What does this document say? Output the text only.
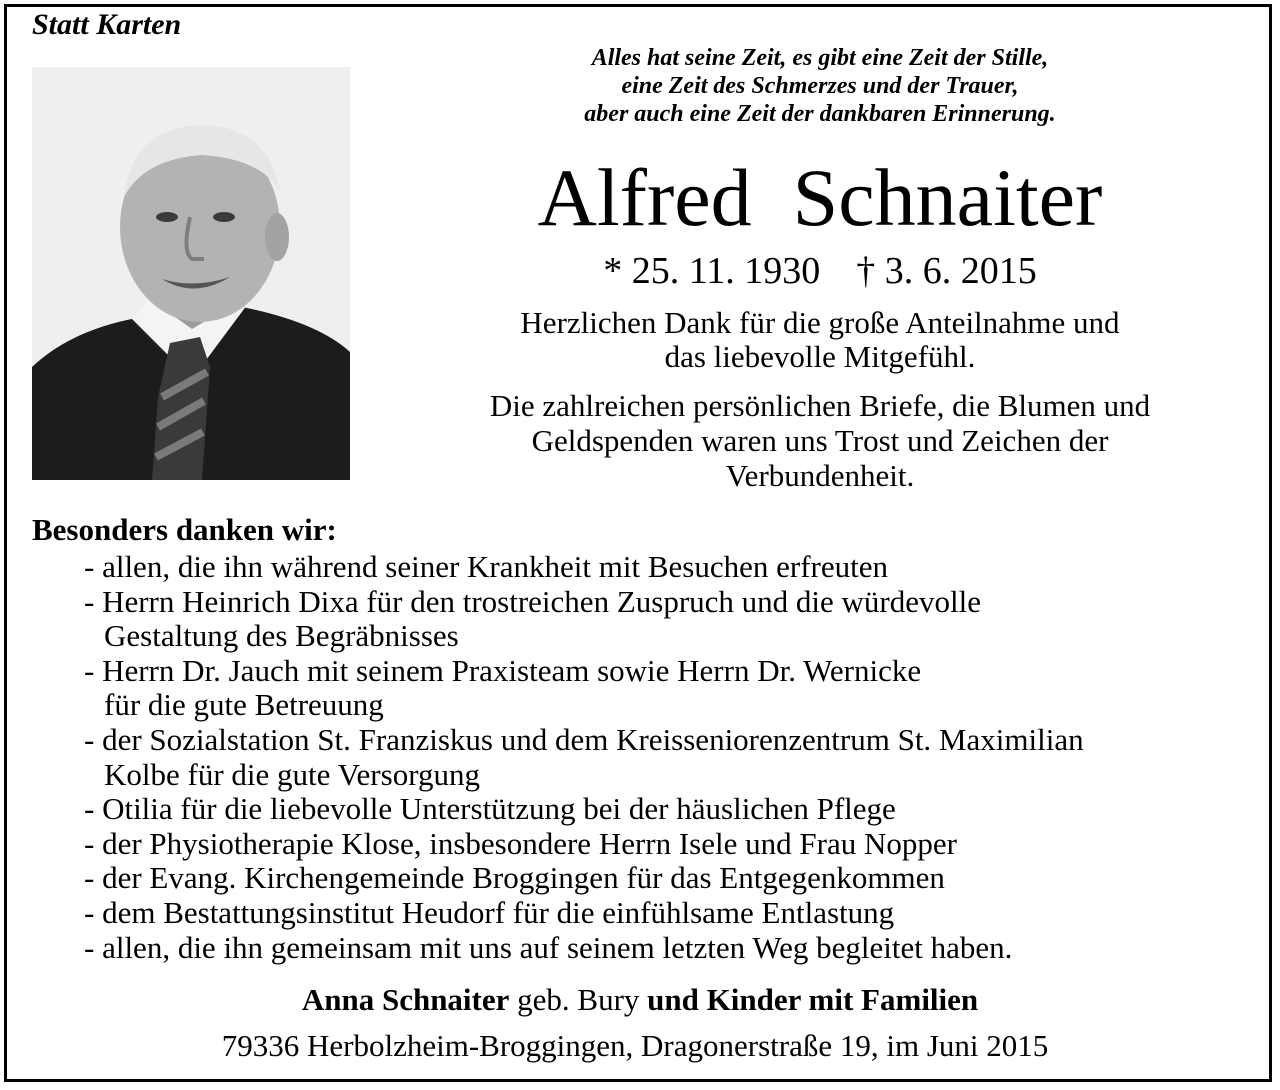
Statt Karten
Alles hat seine Zeit, es gibt eine Zeit der Stille,
eine Zeit des Schmerzes und der Trauer,
aber auch eine Zeit der dankbaren Erinnerung.
Alfred Schnaiter
* 25. 11. 1930 † 3. 6. 2015
Herzlichen Dank für die große Anteilnahme und
das liebevolle Mitgefühl.
Die zahlreichen persönlichen Briefe, die Blumen und
Geldspenden waren uns Trost und Zeichen der
Verbundenheit.
Besonders danken wir:
- allen, die ihn während seiner Krankheit mit Besuchen erfreuten
- Herrn Heinrich Dixa für den trostreichen Zuspruch und die würdevolle
Gestaltung des Begräbnisses
- Herrn Dr. Jauch mit seinem Praxisteam sowie Herrn Dr. Wernicke
für die gute Betreuung
- der Sozialstation St. Franziskus und dem Kreisseniorenzentrum St. Maximilian
Kolbe für die gute Versorgung
- Otilia für die liebevolle Unterstützung bei der häuslichen Pflege
- der Physiotherapie Klose, insbesondere Herrn Isele und Frau Nopper
- der Evang. Kirchengemeinde Broggingen für das Entgegenkommen
- dem Bestattungsinstitut Heudorf für die einfühlsame Entlastung
- allen, die ihn gemeinsam mit uns auf seinem letzten Weg begleitet haben.
Anna Schnaiter geb. Bury und Kinder mit Familien
79336 Herbolzheim-Broggingen, Dragonerstraße 19, im Juni 2015
